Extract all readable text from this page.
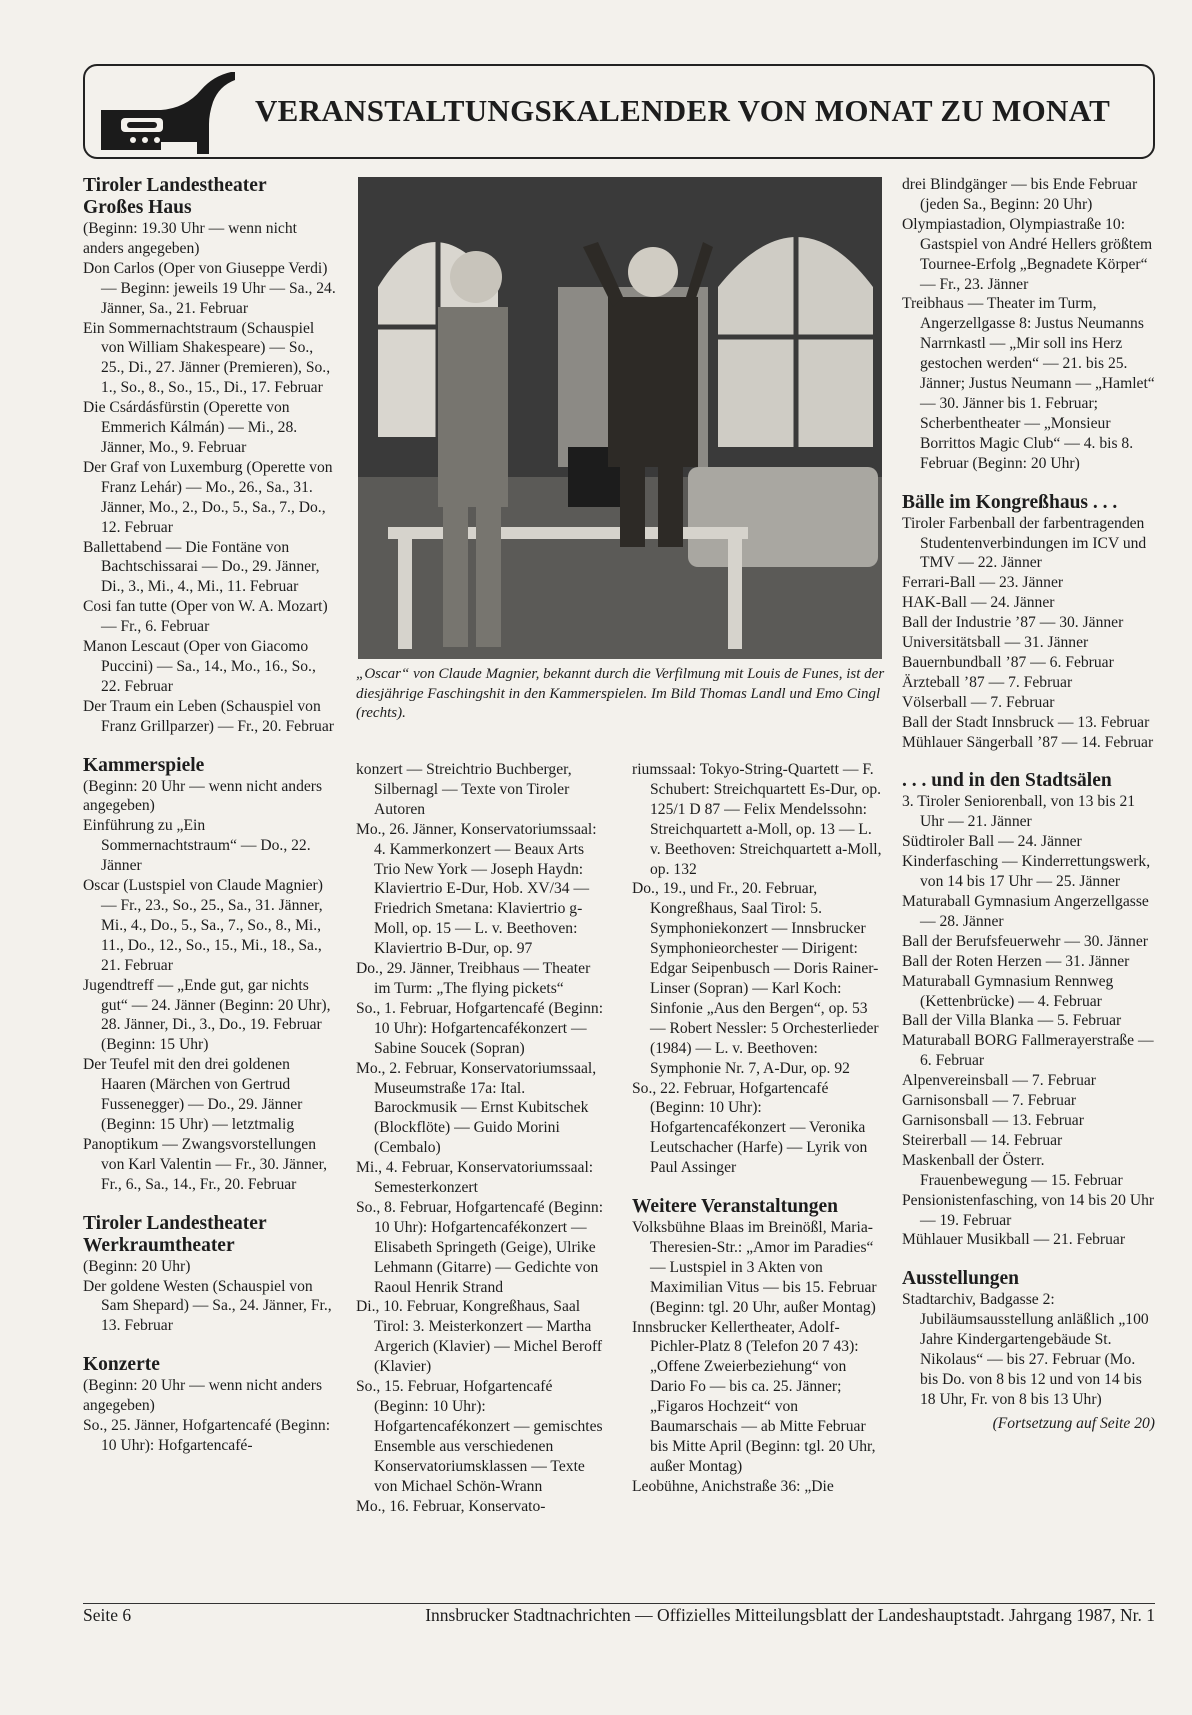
VERANSTALTUNGSKALENDER VON MONAT ZU MONAT

Tiroler Landestheater

Großes Haus

(Beginn: 19.30 Uhr — wenn nicht anders angegeben)

Don Carlos (Oper von Giuseppe Verdi) — Beginn: jeweils 19 Uhr — Sa., 24. Jänner, Sa., 21. Februar

Ein Sommernachtstraum (Schauspiel von William Shakespeare) — So., 25., Di., 27. Jänner (Premieren), So., 1., So., 8., So., 15., Di., 17. Februar

Die Csárdásfürstin (Operette von Emmerich Kálmán) — Mi., 28. Jänner, Mo., 9. Februar

Der Graf von Luxemburg (Operette von Franz Lehár) — Mo., 26., Sa., 31. Jänner, Mo., 2., Do., 5., Sa., 7., Do., 12. Februar

Ballettabend — Die Fontäne von Bachtschissarai — Do., 29. Jänner, Di., 3., Mi., 4., Mi., 11. Februar

Cosi fan tutte (Oper von W. A. Mozart) — Fr., 6. Februar

Manon Lescaut (Oper von Giacomo Puccini) — Sa., 14., Mo., 16., So., 22. Februar

Der Traum ein Leben (Schauspiel von Franz Grillparzer) — Fr., 20. Februar

Kammerspiele

(Beginn: 20 Uhr — wenn nicht anders angegeben)

Einführung zu „Ein Sommernachtstraum“ — Do., 22. Jänner

Oscar (Lustspiel von Claude Magnier) — Fr., 23., So., 25., Sa., 31. Jänner, Mi., 4., Do., 5., Sa., 7., So., 8., Mi., 11., Do., 12., So., 15., Mi., 18., Sa., 21. Februar

Jugendtreff — „Ende gut, gar nichts gut“ — 24. Jänner (Beginn: 20 Uhr), 28. Jänner, Di., 3., Do., 19. Februar (Beginn: 15 Uhr)

Der Teufel mit den drei goldenen Haaren (Märchen von Gertrud Fussenegger) — Do., 29. Jänner (Beginn: 15 Uhr) — letztmalig

Panoptikum — Zwangsvorstellungen von Karl Valentin — Fr., 30. Jänner, Fr., 6., Sa., 14., Fr., 20. Februar

Tiroler Landestheater

Werkraumtheater

(Beginn: 20 Uhr)

Der goldene Westen (Schauspiel von Sam Shepard) — Sa., 24. Jänner, Fr., 13. Februar

Konzerte

(Beginn: 20 Uhr — wenn nicht anders angegeben)

So., 25. Jänner, Hofgartencafé (Beginn: 10 Uhr): Hofgartencafé-

„Oscar“ von Claude Magnier, bekannt durch die Verfilmung mit Louis de Funes, ist der diesjährige Faschingshit in den Kammerspielen. Im Bild Thomas Landl und Emo Cingl (rechts).

konzert — Streichtrio Buchberger, Silbernagl — Texte von Tiroler Autoren

Mo., 26. Jänner, Konservatoriumssaal: 4. Kammerkonzert — Beaux Arts Trio New York — Joseph Haydn: Klaviertrio E-Dur, Hob. XV/34 — Friedrich Smetana: Klaviertrio g-Moll, op. 15 — L. v. Beethoven: Klaviertrio B-Dur, op. 97

Do., 29. Jänner, Treibhaus — Theater im Turm: „The flying pickets“

So., 1. Februar, Hofgartencafé (Beginn: 10 Uhr): Hofgartencafékonzert — Sabine Soucek (Sopran)

Mo., 2. Februar, Konservatoriumssaal, Museumstraße 17a: Ital. Barockmusik — Ernst Kubitschek (Blockflöte) — Guido Morini (Cembalo)

Mi., 4. Februar, Konservatoriumssaal: Semesterkonzert

So., 8. Februar, Hofgartencafé (Beginn: 10 Uhr): Hofgartencafékonzert — Elisabeth Springeth (Geige), Ulrike Lehmann (Gitarre) — Gedichte von Raoul Henrik Strand

Di., 10. Februar, Kongreßhaus, Saal Tirol: 3. Meisterkonzert — Martha Argerich (Klavier) — Michel Beroff (Klavier)

So., 15. Februar, Hofgartencafé (Beginn: 10 Uhr): Hofgartencafékonzert — gemischtes Ensemble aus verschiedenen Konservatoriumsklassen — Texte von Michael Schön-Wrann

Mo., 16. Februar, Konservato-

riumssaal: Tokyo-String-Quartett — F. Schubert: Streichquartett Es-Dur, op. 125/1 D 87 — Felix Mendelssohn: Streichquartett a-Moll, op. 13 — L. v. Beethoven: Streichquartett a-Moll, op. 132

Do., 19., und Fr., 20. Februar, Kongreßhaus, Saal Tirol: 5. Symphoniekonzert — Innsbrucker Symphonieorchester — Dirigent: Edgar Seipenbusch — Doris Rainer-Linser (Sopran) — Karl Koch: Sinfonie „Aus den Bergen“, op. 53 — Robert Nessler: 5 Orchesterlieder (1984) — L. v. Beethoven: Symphonie Nr. 7, A-Dur, op. 92

So., 22. Februar, Hofgartencafé (Beginn: 10 Uhr): Hofgartencafékonzert — Veronika Leutschacher (Harfe) — Lyrik von Paul Assinger

Weitere Veranstaltungen

Volksbühne Blaas im Breinößl, Maria-Theresien-Str.: „Amor im Paradies“ — Lustspiel in 3 Akten von Maximilian Vitus — bis 15. Februar (Beginn: tgl. 20 Uhr, außer Montag)

Innsbrucker Kellertheater, Adolf-Pichler-Platz 8 (Telefon 20 7 43): „Offene Zweierbeziehung“ von Dario Fo — bis ca. 25. Jänner; „Figaros Hochzeit“ von Baumarschais — ab Mitte Februar bis Mitte April (Beginn: tgl. 20 Uhr, außer Montag)

Leobühne, Anichstraße 36: „Die

drei Blindgänger — bis Ende Februar (jeden Sa., Beginn: 20 Uhr)

Olympiastadion, Olympiastraße 10: Gastspiel von André Hellers größtem Tournee-Erfolg „Begnadete Körper“ — Fr., 23. Jänner

Treibhaus — Theater im Turm, Angerzellgasse 8: Justus Neumanns Narrnkastl — „Mir soll ins Herz gestochen werden“ — 21. bis 25. Jänner; Justus Neumann — „Hamlet“ — 30. Jänner bis 1. Februar; Scherbentheater — „Monsieur Borrittos Magic Club“ — 4. bis 8. Februar (Beginn: 20 Uhr)

Bälle im Kongreßhaus . . .

Tiroler Farbenball der farbentragenden Studentenverbindungen im ICV und TMV — 22. Jänner

Ferrari-Ball — 23. Jänner

HAK-Ball — 24. Jänner

Ball der Industrie ’87 — 30. Jänner

Universitätsball — 31. Jänner

Bauernbundball ’87 — 6. Februar

Ärzteball ’87 — 7. Februar

Völserball — 7. Februar

Ball der Stadt Innsbruck — 13. Februar

Mühlauer Sängerball ’87 — 14. Februar

. . . und in den Stadtsälen

3. Tiroler Seniorenball, von 13 bis 21 Uhr — 21. Jänner

Südtiroler Ball — 24. Jänner

Kinderfasching — Kinderrettungswerk, von 14 bis 17 Uhr — 25. Jänner

Maturaball Gymnasium Angerzellgasse — 28. Jänner

Ball der Berufsfeuerwehr — 30. Jänner

Ball der Roten Herzen — 31. Jänner

Maturaball Gymnasium Rennweg (Kettenbrücke) — 4. Februar

Ball der Villa Blanka — 5. Februar

Maturaball BORG Fallmerayerstraße — 6. Februar

Alpenvereinsball — 7. Februar

Garnisonsball — 7. Februar

Garnisonsball — 13. Februar

Steirerball — 14. Februar

Maskenball der Österr. Frauenbewegung — 15. Februar

Pensionistenfasching, von 14 bis 20 Uhr — 19. Februar

Mühlauer Musikball — 21. Februar

Ausstellungen

Stadtarchiv, Badgasse 2: Jubiläumsausstellung anläßlich „100 Jahre Kindergartengebäude St. Nikolaus“ — bis 27. Februar (Mo. bis Do. von 8 bis 12 und von 14 bis 18 Uhr, Fr. von 8 bis 13 Uhr)

(Fortsetzung auf Seite 20)
Seite 6	Innsbrucker Stadtnachrichten — Offizielles Mitteilungsblatt der Landeshauptstadt. Jahrgang 1987, Nr. 1
